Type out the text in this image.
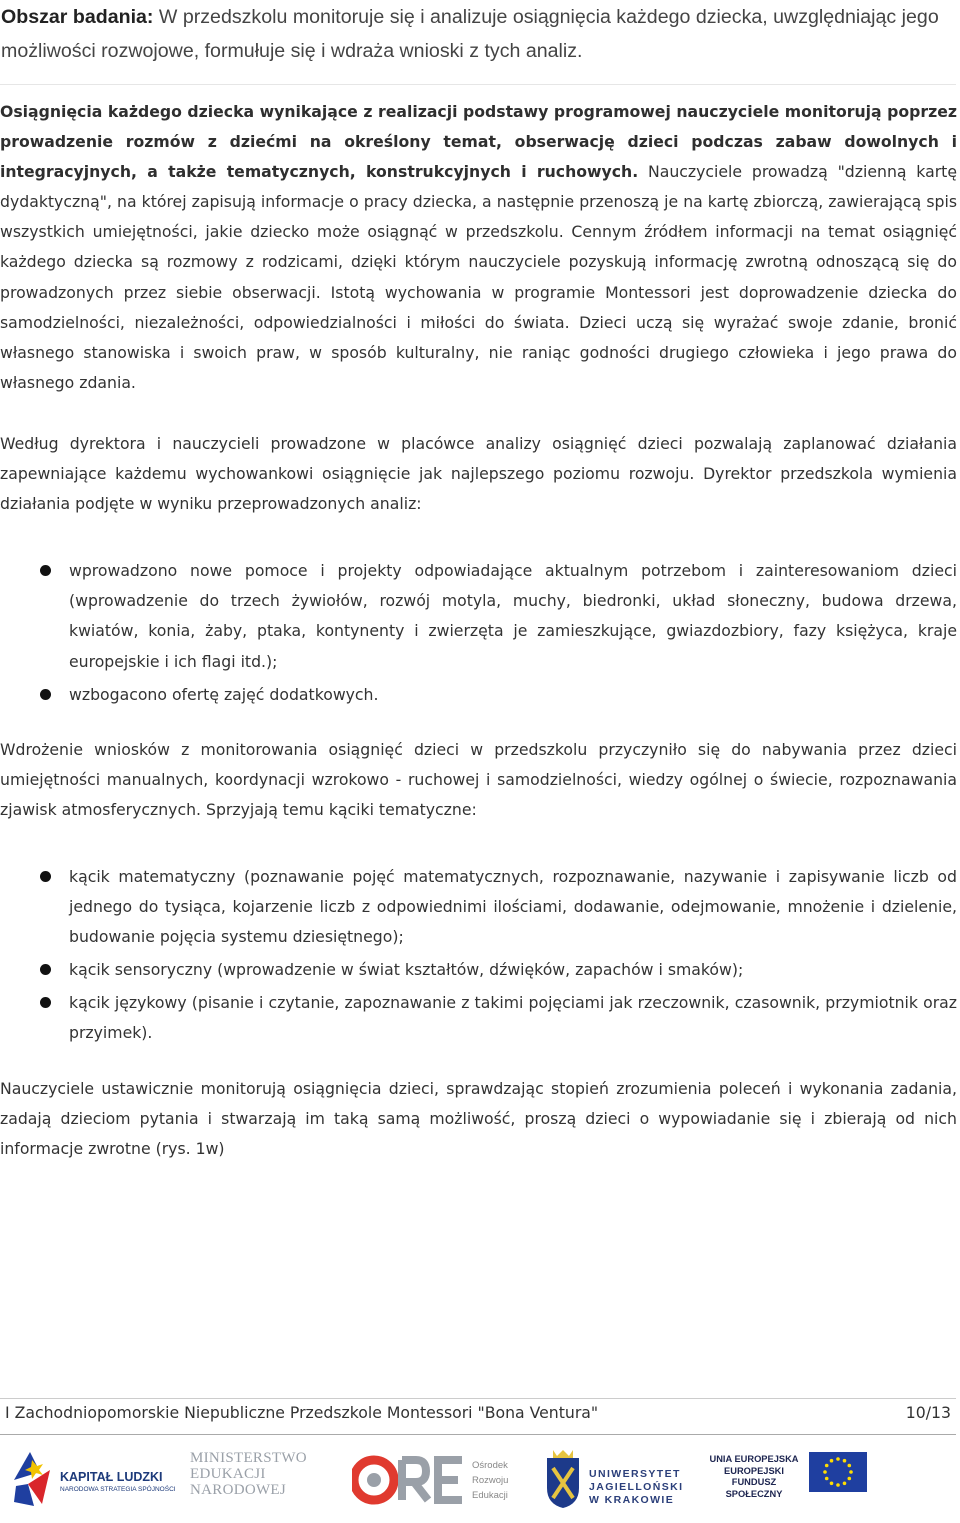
Obszar badania: W przedszkolu monitoruje się i analizuje osiągnięcia każdego dziecka, uwzględniając jego możliwości rozwojowe, formułuje się i wdraża wnioski z tych analiz.

Osiągnięcia każdego dziecka wynikające z realizacji podstawy programowej nauczyciele monitorują poprzez prowadzenie rozmów z dziećmi na określony temat, obserwację dzieci podczas zabaw dowolnych i integracyjnych, a także tematycznych, konstrukcyjnych i ruchowych. Nauczyciele prowadzą "dzienną kartę dydaktyczną", na której zapisują informacje o pracy dziecka, a następnie przenoszą je na kartę zbiorczą, zawierającą spis wszystkich umiejętności, jakie dziecko może osiągnąć w przedszkolu. Cennym źródłem informacji na temat osiągnięć każdego dziecka są rozmowy z rodzicami, dzięki którym nauczyciele pozyskują informację zwrotną odnoszącą się do prowadzonych przez siebie obserwacji. Istotą wychowania w programie Montessori jest doprowadzenie dziecka do samodzielności, niezależności, odpowiedzialności i miłości do świata. Dzieci uczą się wyrażać swoje zdanie, bronić własnego stanowiska i swoich praw, w sposób kulturalny, nie raniąc godności drugiego człowieka i jego prawa do własnego zdania.

Według dyrektora i nauczycieli prowadzone w placówce analizy osiągnięć dzieci pozwalają zaplanować działania zapewniające każdemu wychowankowi osiągnięcie jak najlepszego poziomu rozwoju. Dyrektor przedszkola wymienia działania podjęte w wyniku przeprowadzonych analiz:

wprowadzono nowe pomoce i projekty odpowiadające aktualnym potrzebom i zainteresowaniom dzieci (wprowadzenie do trzech żywiołów, rozwój motyla, muchy, biedronki, układ słoneczny, budowa drzewa, kwiatów, konia, żaby, ptaka, kontynenty i zwierzęta je zamieszkujące, gwiazdozbiory, fazy księżyca, kraje europejskie i ich flagi itd.);
wzbogacono ofertę zajęć dodatkowych.

Wdrożenie wniosków z monitorowania osiągnięć dzieci w przedszkolu przyczyniło się do nabywania przez dzieci umiejętności manualnych, koordynacji wzrokowo - ruchowej i samodzielności, wiedzy ogólnej o świecie, rozpoznawania zjawisk atmosferycznych. Sprzyjają temu kąciki tematyczne:

kącik matematyczny (poznawanie pojęć matematycznych, rozpoznawanie, nazywanie i zapisywanie liczb od jednego do tysiąca, kojarzenie liczb z odpowiednimi ilościami, dodawanie, odejmowanie, mnożenie i dzielenie, budowanie pojęcia systemu dziesiętnego);
kącik sensoryczny (wprowadzenie w świat kształtów, dźwięków, zapachów i smaków);
kącik językowy (pisanie i czytanie, zapoznawanie z takimi pojęciami jak rzeczownik, czasownik, przymiotnik oraz przyimek).

Nauczyciele ustawicznie monitorują osiągnięcia dzieci, sprawdzając stopień zrozumienia poleceń i wykonania zadania, zadają dzieciom pytania i stwarzają im taką samą możliwość, proszą dzieci o wypowiadanie się i zbierają od nich informacje zwrotne (rys. 1w)

I Zachodniopomorskie Niepubliczne Przedszkole Montessori "Bona Ventura"	10/13
KAPITAŁ LUDZKI
NARODOWA STRATEGIA SPÓJNOŚCI
MINISTERSTWO
EDUKACJI
NARODOWEJ
Ośrodek
Rozwoju
Edukacji
UNIWERSYTET
JAGIELLOŃSKI
W KRAKOWIE
UNIA EUROPEJSKA
EUROPEJSKI
FUNDUSZ SPOŁECZNY
